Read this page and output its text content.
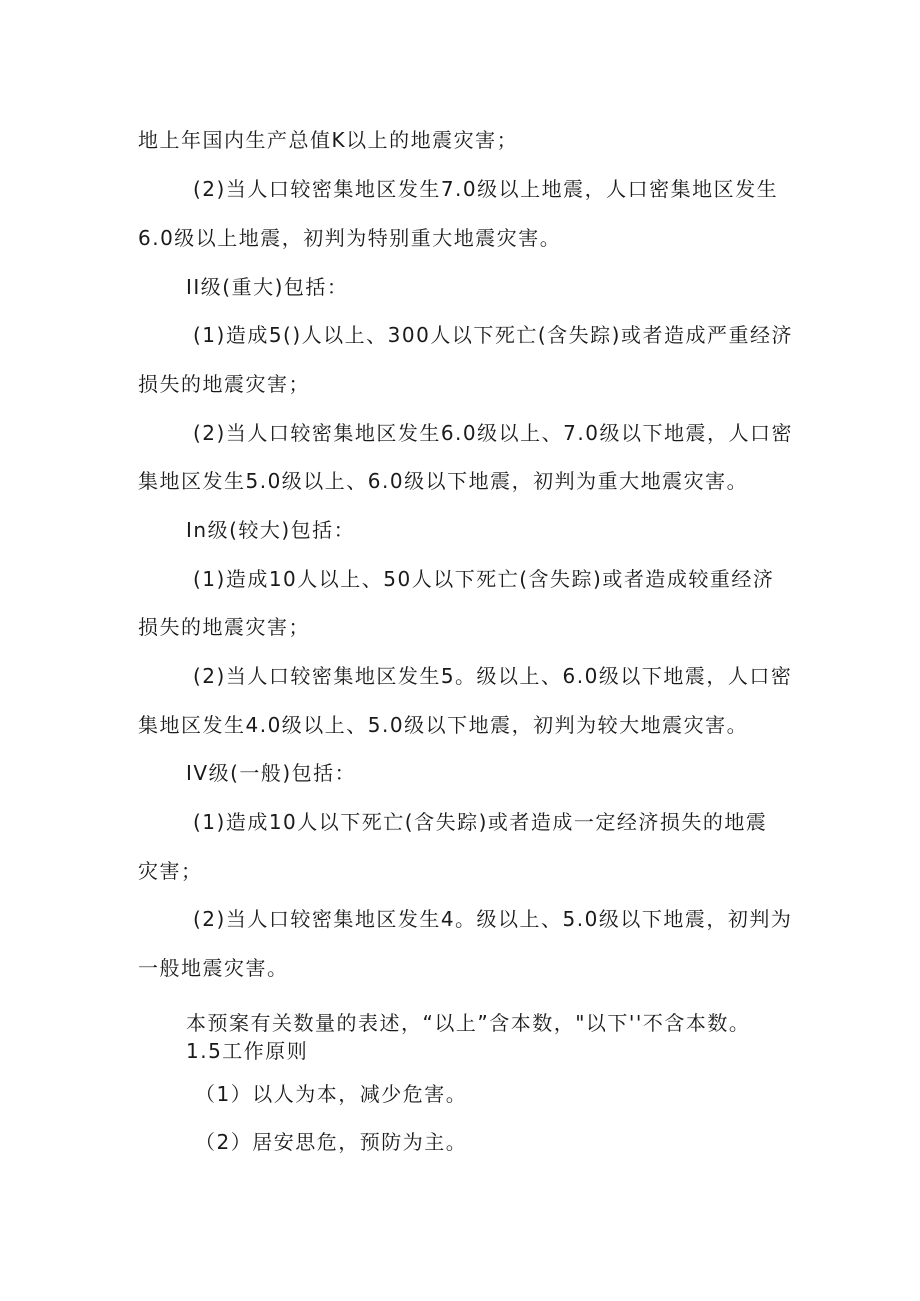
地上年国内生产总值K以上的地震灾害；
(2)当人口较密集地区发生7.0级以上地震，人口密集地区发生
6.0级以上地震，初判为特别重大地震灾害。
II级(重大)包括：
(1)造成5()人以上、300人以下死亡(含失踪)或者造成严重经济
损失的地震灾害；
(2)当人口较密集地区发生6.0级以上、7.0级以下地震，人口密
集地区发生5.0级以上、6.0级以下地震，初判为重大地震灾害。
In级(较大)包括：
(1)造成10人以上、50人以下死亡(含失踪)或者造成较重经济
损失的地震灾害；
(2)当人口较密集地区发生5。级以上、6.0级以下地震，人口密
集地区发生4.0级以上、5.0级以下地震，初判为较大地震灾害。
IV级(一般)包括：
(1)造成10人以下死亡(含失踪)或者造成一定经济损失的地震
灾害；
(2)当人口较密集地区发生4。级以上、5.0级以下地震，初判为
一般地震灾害。
本预案有关数量的表述，“以上”含本数，"以下''不含本数。
1.5工作原则
（1）以人为本，减少危害。
（2）居安思危，预防为主。
